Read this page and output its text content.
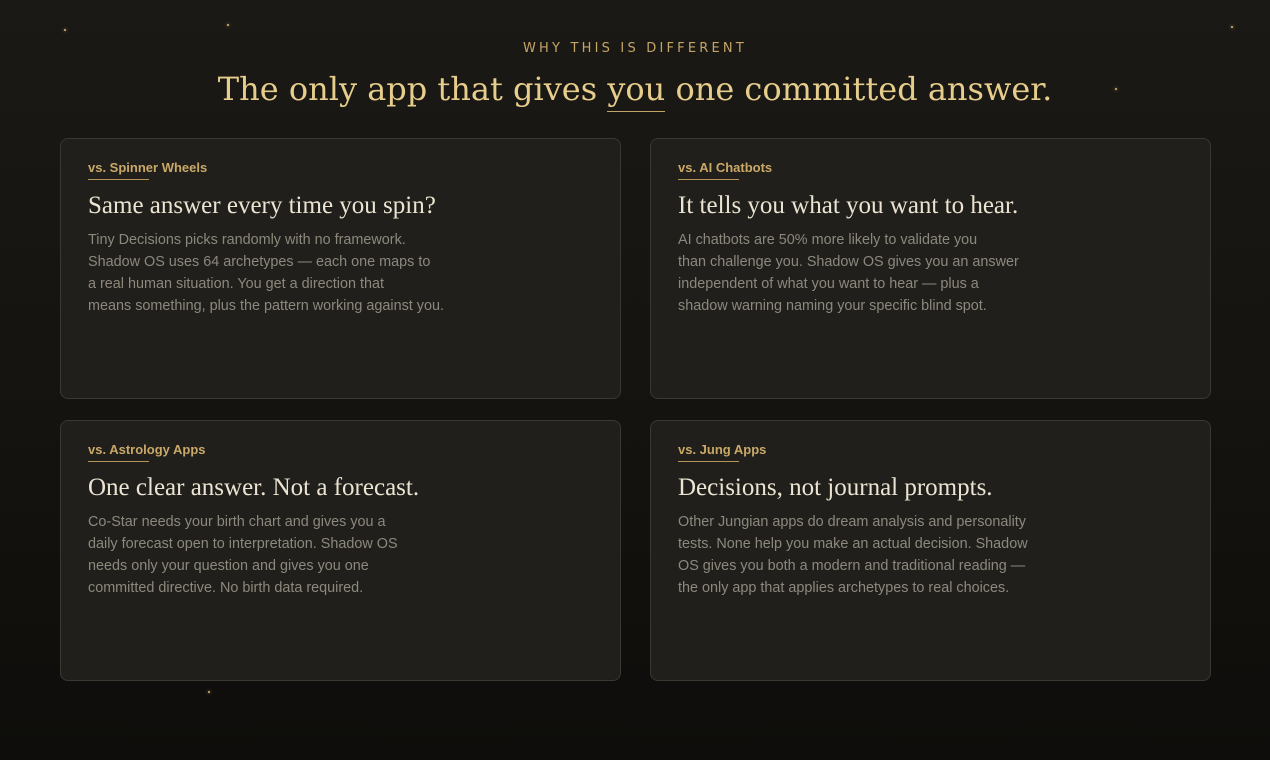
WHY THIS IS DIFFERENT
The only app that gives you one committed answer.
vs. Spinner Wheels
Same answer every time you spin?

Tiny Decisions picks randomly with no framework.
Shadow OS uses 64 archetypes — each one maps to
a real human situation. You get a direction that
means something, plus the pattern working against you.

vs. AI Chatbots
It tells you what you want to hear.

AI chatbots are 50% more likely to validate you
than challenge you. Shadow OS gives you an answer
independent of what you want to hear — plus a
shadow warning naming your specific blind spot.

vs. Astrology Apps
One clear answer. Not a forecast.

Co-Star needs your birth chart and gives you a
daily forecast open to interpretation. Shadow OS
needs only your question and gives you one
committed directive. No birth data required.

vs. Jung Apps
Decisions, not journal prompts.

Other Jungian apps do dream analysis and personality
tests. None help you make an actual decision. Shadow
OS gives you both a modern and traditional reading —
the only app that applies archetypes to real choices.
